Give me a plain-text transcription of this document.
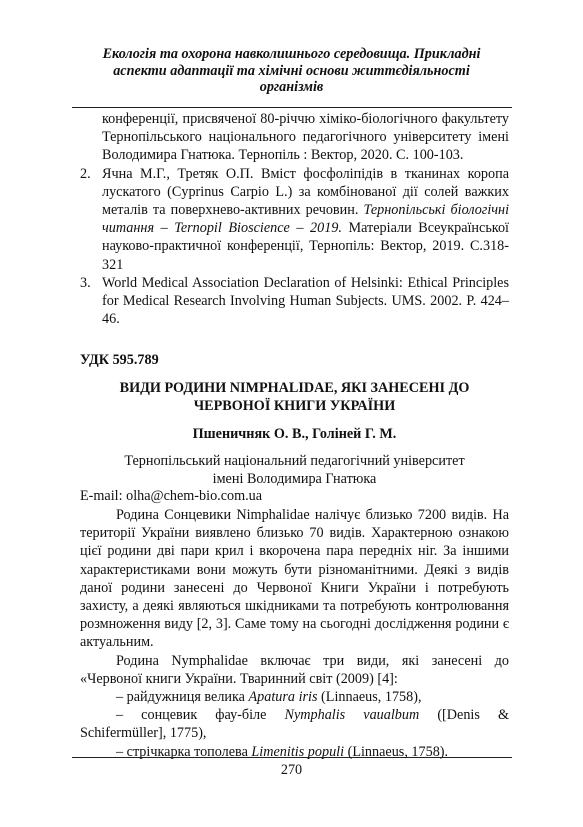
Екологія та охорона навколишнього середовища. Прикладні
аспекти адаптації та хімічні основи життєдіяльності
організмів

конференції, присвяченої 80-річчю хіміко-біологічного факультету Тернопільського національного педагогічного університету імені Володимира Гнатюка. Тернопіль : Вектор, 2020. С. 100-103.

2. Ячна М.Г., Третяк О.П. Вміст фосфоліпідів в тканинах коропа лускатого (Cyprinus Carpio L.) за комбінованої дії солей важких металів та поверхнево-активних речовин. Тернопільські біологічні читання – Ternopil Bioscience – 2019. Матеріали Всеукраїнської науково-практичної конференції, Тернопіль: Вектор, 2019. С.318-321

3. World Medical Association Declaration of Helsinki: Ethical Principles for Medical Research Involving Human Subjects. UMS. 2002. P. 424–46.

УДК 595.789
ВИДИ РОДИНИ NIMPHALIDAE, ЯКІ ЗАНЕСЕНІ ДО
ЧЕРВОНОЇ КНИГИ УКРАЇНИ
Пшеничняк О. В., Голіней Г. М.
Тернопільський національний педагогічний університет
імені Володимира Гнатюка
E-mail: olha@chem-bio.com.ua

Родина Сонцевики Nimphalidae налічує близько 7200 видів. На території України виявлено близько 70 видів. Характерною ознакою цієї родини дві пари крил і вкорочена пара передніх ніг. За іншими характеристиками вони можуть бути різноманітними. Деякі з видів даної родини занесені до Червоної Книги України і потребують захисту, а деякі являються шкідниками та потребують контролювання розмноження виду [2, 3]. Саме тому на сьогодні дослідження родини є актуальним.

Родина Nymphalidae включає три види, які занесені до «Червоної книги України. Тваринний світ (2009) [4]:

– райдужниця велика Apatura iris (Linnaeus, 1758),

– сонцевик фау-біле Nymphalis vaualbum ([Denis & Schifermüller], 1775),

– стрічкарка тополева Limenitis populi (Linnaeus, 1758).

270
